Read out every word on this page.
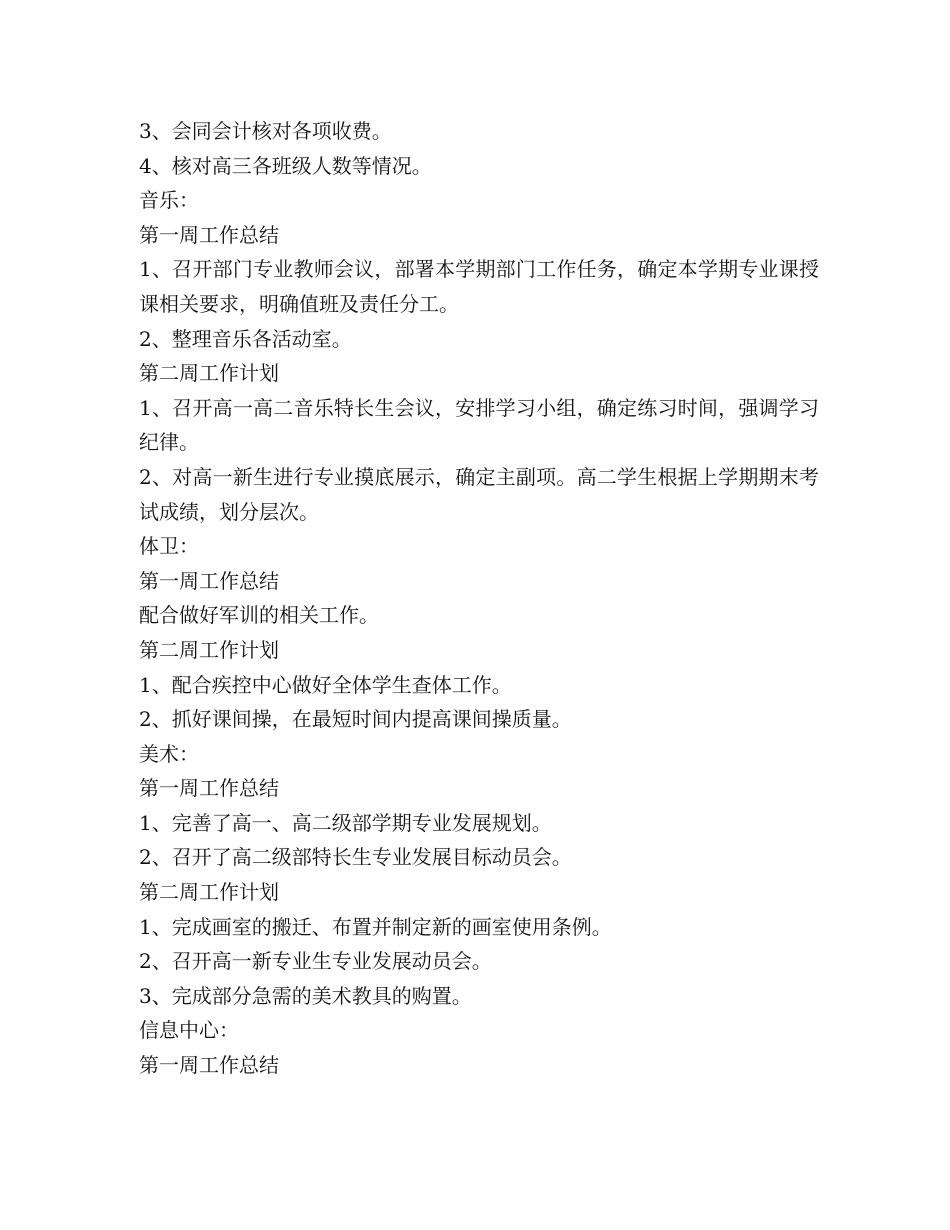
3、会同会计核对各项收费。
4、核对高三各班级人数等情况。
音乐：
第一周工作总结
1、召开部门专业教师会议，部署本学期部门工作任务，确定本学期专业课授课相关要求，明确值班及责任分工。
2、整理音乐各活动室。
第二周工作计划
1、召开高一高二音乐特长生会议，安排学习小组，确定练习时间，强调学习纪律。
2、对高一新生进行专业摸底展示，确定主副项。高二学生根据上学期期末考试成绩，划分层次。
体卫：
第一周工作总结
配合做好军训的相关工作。
第二周工作计划
1、配合疾控中心做好全体学生查体工作。
2、抓好课间操，在最短时间内提高课间操质量。
美术：
第一周工作总结
1、完善了高一、高二级部学期专业发展规划。
2、召开了高二级部特长生专业发展目标动员会。
第二周工作计划
1、完成画室的搬迁、布置并制定新的画室使用条例。
2、召开高一新专业生专业发展动员会。
3、完成部分急需的美术教具的购置。
信息中心：
第一周工作总结
